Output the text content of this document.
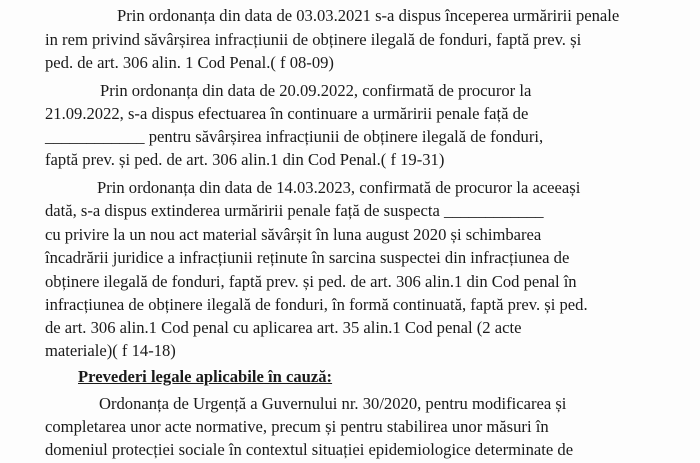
Prin ordonanța din data de 03.03.2021 s-a dispus începerea urmăririi penale
in rem privind săvârșirea infracțiunii de obținere ilegală de fonduri, faptă prev. și
ped. de art. 306 alin. 1 Cod Penal.( f 08-09)
Prin ordonanța din data de 20.09.2022, confirmată de procuror la
21.09.2022, s-a dispus efectuarea în continuare a urmăririi penale față de
____________ pentru săvârșirea infracțiunii de obținere ilegală de fonduri,
faptă prev. și ped. de art. 306 alin.1 din Cod Penal.( f 19-31)
Prin ordonanța din data de 14.03.2023, confirmată de procuror la aceeași
dată, s-a dispus extinderea urmăririi penale față de suspecta ____________
cu privire la un nou act material săvârșit în luna august 2020 și schimbarea
încadrării juridice a infracțiunii reținute în sarcina suspectei din infracțiunea de
obținere ilegală de fonduri, faptă prev. și ped. de art. 306 alin.1 din Cod penal în
infracțiunea de obținere ilegală de fonduri, în formă continuată, faptă prev. și ped.
de art. 306 alin.1 Cod penal cu aplicarea art. 35 alin.1 Cod penal (2 acte
materiale)( f 14-18)
Prevederi legale aplicabile în cauză:
Ordonanța de Urgență a Guvernului nr. 30/2020, pentru modificarea și
completarea unor acte normative, precum și pentru stabilirea unor măsuri în
domeniul protecției sociale în contextul situației epidemiologice determinate de
